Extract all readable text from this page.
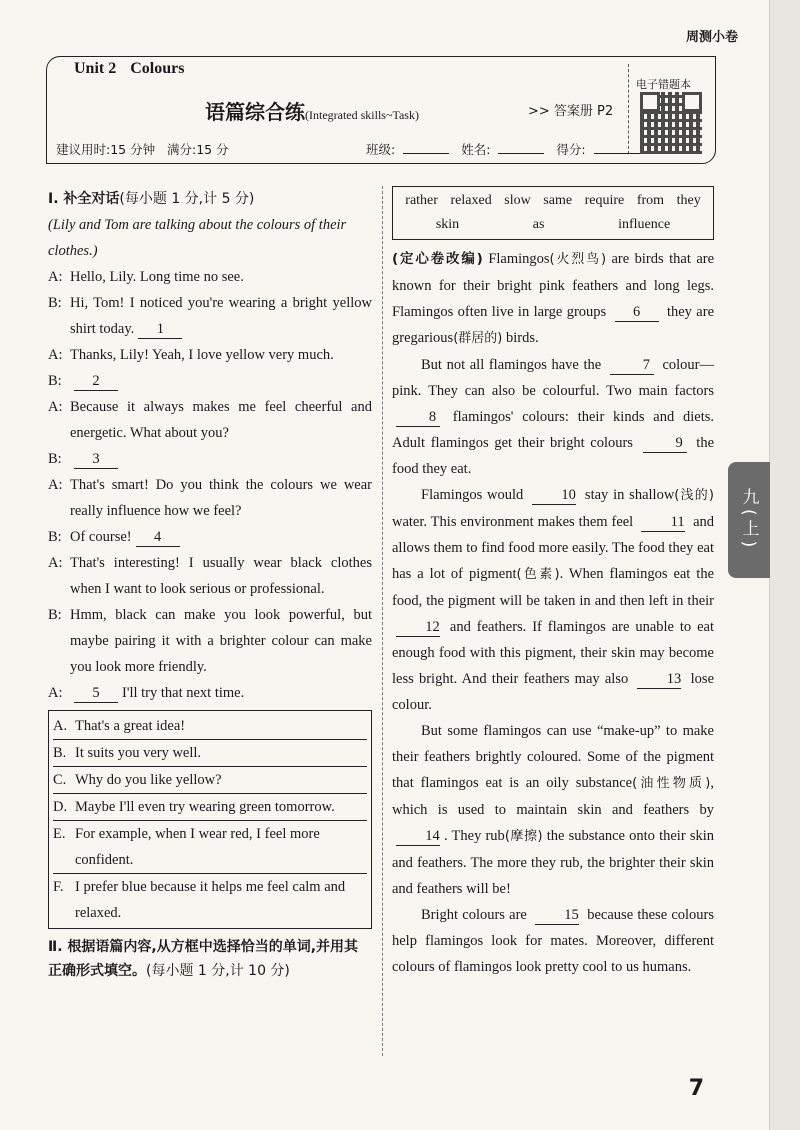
周测小卷
Unit 2 Colours
语篇综合练(Integrated skills~Task)	>> 答案册 P2
电子错题本
建议用时:15 分钟 满分:15 分	班级:	姓名:	得分:
Ⅰ. 补全对话(每小题 1 分,计 5 分)
(Lily and Tom are talking about the colours of their clothes.)
A: Hello, Lily. Long time no see.
B: Hi, Tom! I noticed you're wearing a bright yellow shirt today. 1
A: Thanks, Lily! Yeah, I love yellow very much.
B:	2
A: Because it always makes me feel cheerful and energetic. What about you?
B:	3
A: That's smart! Do you think the colours we wear really influence how we feel?
B: Of course! 4
A: That's interesting! I usually wear black clothes when I want to look serious or professional.
B: Hmm, black can make you look powerful, but maybe pairing it with a brighter colour can make you look more friendly.
A:	5 I'll try that next time.
A. That's a great idea!
B. It suits you very well.
C. Why do you like yellow?
D. Maybe I'll even try wearing green tomorrow.
E. For example, when I wear red, I feel more confident.
F. I prefer blue because it helps me feel calm and relaxed.
Ⅱ. 根据语篇内容,从方框中选择恰当的单词,并用其正确形式填空。(每小题 1 分,计 10 分)
rather relaxed slow same require from they
skin	as	influence
(定心卷改编) Flamingos(火烈鸟) are birds that are known for their bright pink feathers and long legs. Flamingos often live in large groups 6 they are gregarious(群居的) birds.
But not all flamingos have the	7 colour—pink. They can also be colourful. Two main factors 8 flamingos' colours: their kinds and diets. Adult flamingos get their bright colours	9 the food they eat.
Flamingos would	10 stay in shallow(浅的) water. This environment makes them feel	11 and allows them to find food more easily. The food they eat has a lot of pigment(色素). When flamingos eat the food, the pigment will be taken in and then left in their 12 and feathers. If flamingos are unable to eat enough food with this pigment, their skin may become less bright. And their feathers may also	13 lose colour.
But some flamingos can use “make-up” to make their feathers brightly coloured. Some of the pigment that flamingos eat is an oily substance(油性物质), which is used to maintain skin and feathers by 14 . They rub(摩擦) the substance onto their skin and feathers. The more they rub, the brighter their skin and feathers will be!
Bright colours are	15 because these colours help flamingos look for mates. Moreover, different colours of flamingos look pretty cool to us humans.
九(上)
7
